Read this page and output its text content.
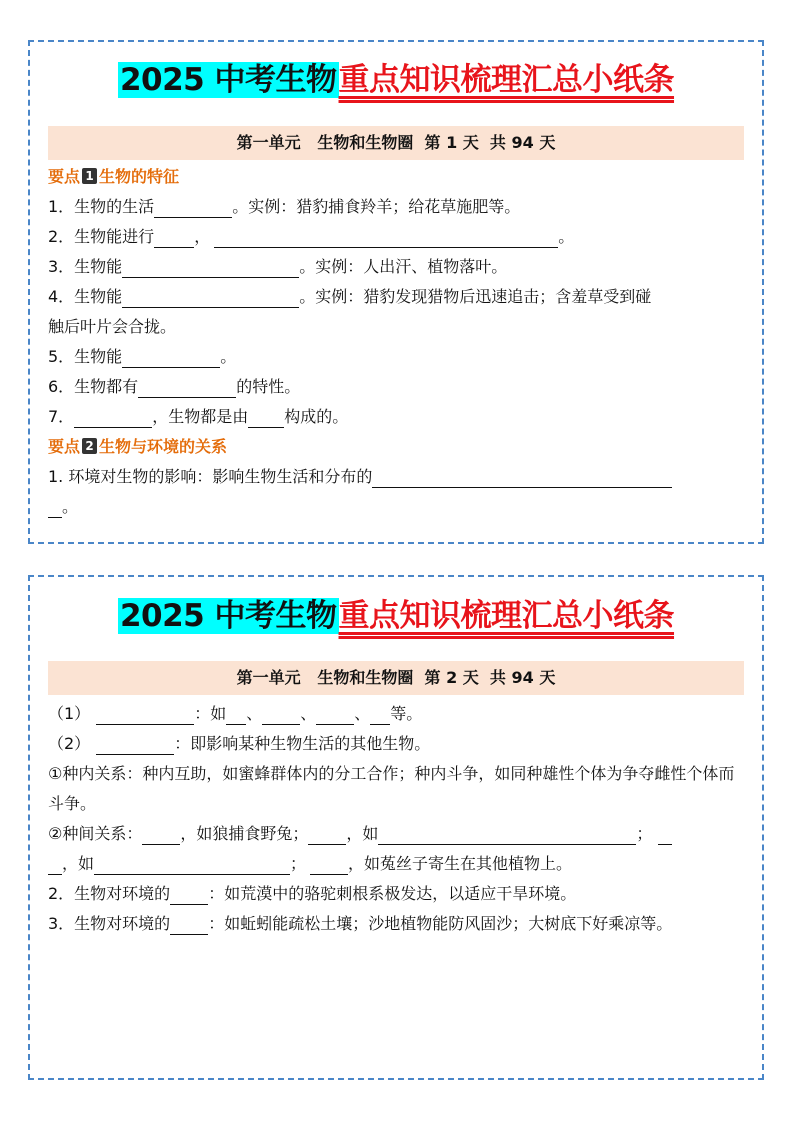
2025 中考生物重点知识梳理汇总小纸条
第一单元   生物和生物圈  第 1 天  共 94 天
要点 1 生物的特征
1．生物的生活	。实例：猎豹捕食羚羊；给花草施肥等。
2．生物能进行	，	。
3．生物能	。实例：人出汗、植物落叶。
4．生物能	。实例：猎豹发现猎物后迅速追击；含羞草受到碰
触后叶片会合拢。
5．生物能	。
6．生物都有	的特性。
7．	，生物都是由 构成的。
要点 2 生物与环境的关系
1. 环境对生物的影响：影响生物生活和分布的
。
2025 中考生物重点知识梳理汇总小纸条
第一单元   生物和生物圈  第 2 天  共 94 天
（1）	：如 、 、 、 等。
（2）	：即影响某种生物生活的其他生物。
①种内关系：种内互助，如蜜蜂群体内的分工合作；种内斗争，如同种雄性个体为争夺雌性个体而斗争。
②种间关系： ，如狼捕食野兔； ，如	；
，如	；	，如菟丝子寄生在其他植物上。
2．生物对环境的 ：如荒漠中的骆驼刺根系极发达，以适应干旱环境。
3．生物对环境的 ：如蚯蚓能疏松土壤；沙地植物能防风固沙；大树底下好乘凉等。
